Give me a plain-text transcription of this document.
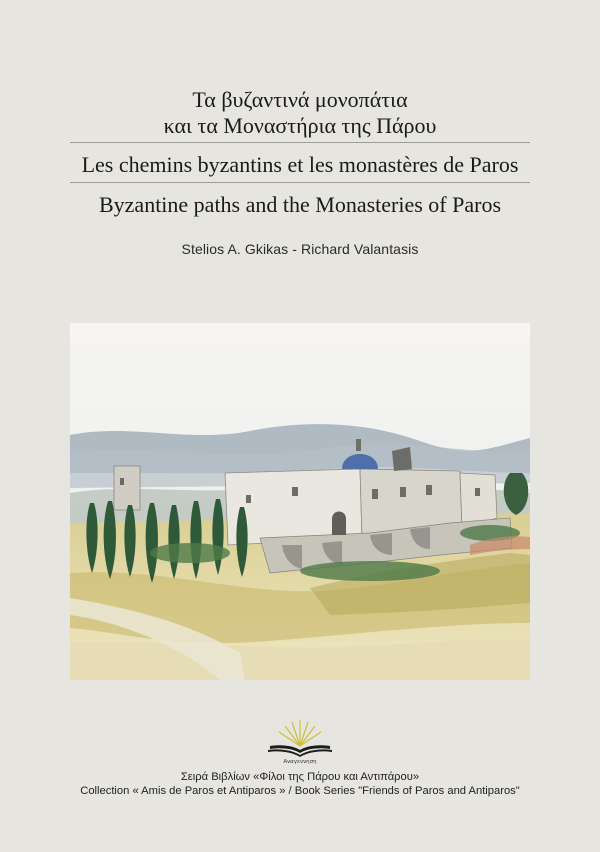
Τα βυζαντινά μονοπάτια
και τα Μοναστήρια της Πάρου
Les chemins byzantins et les monastères de Paros
Byzantine paths and the Monasteries of Paros
Stelios A. Gkikas - Richard Valantasis
Αναγεννηση
Σειρά Βιβλίων «Φίλοι της Πάρου και Αντιπάρου»
Collection « Amis de Paros et Antiparos » / Book Series "Friends of Paros and Antiparos"
